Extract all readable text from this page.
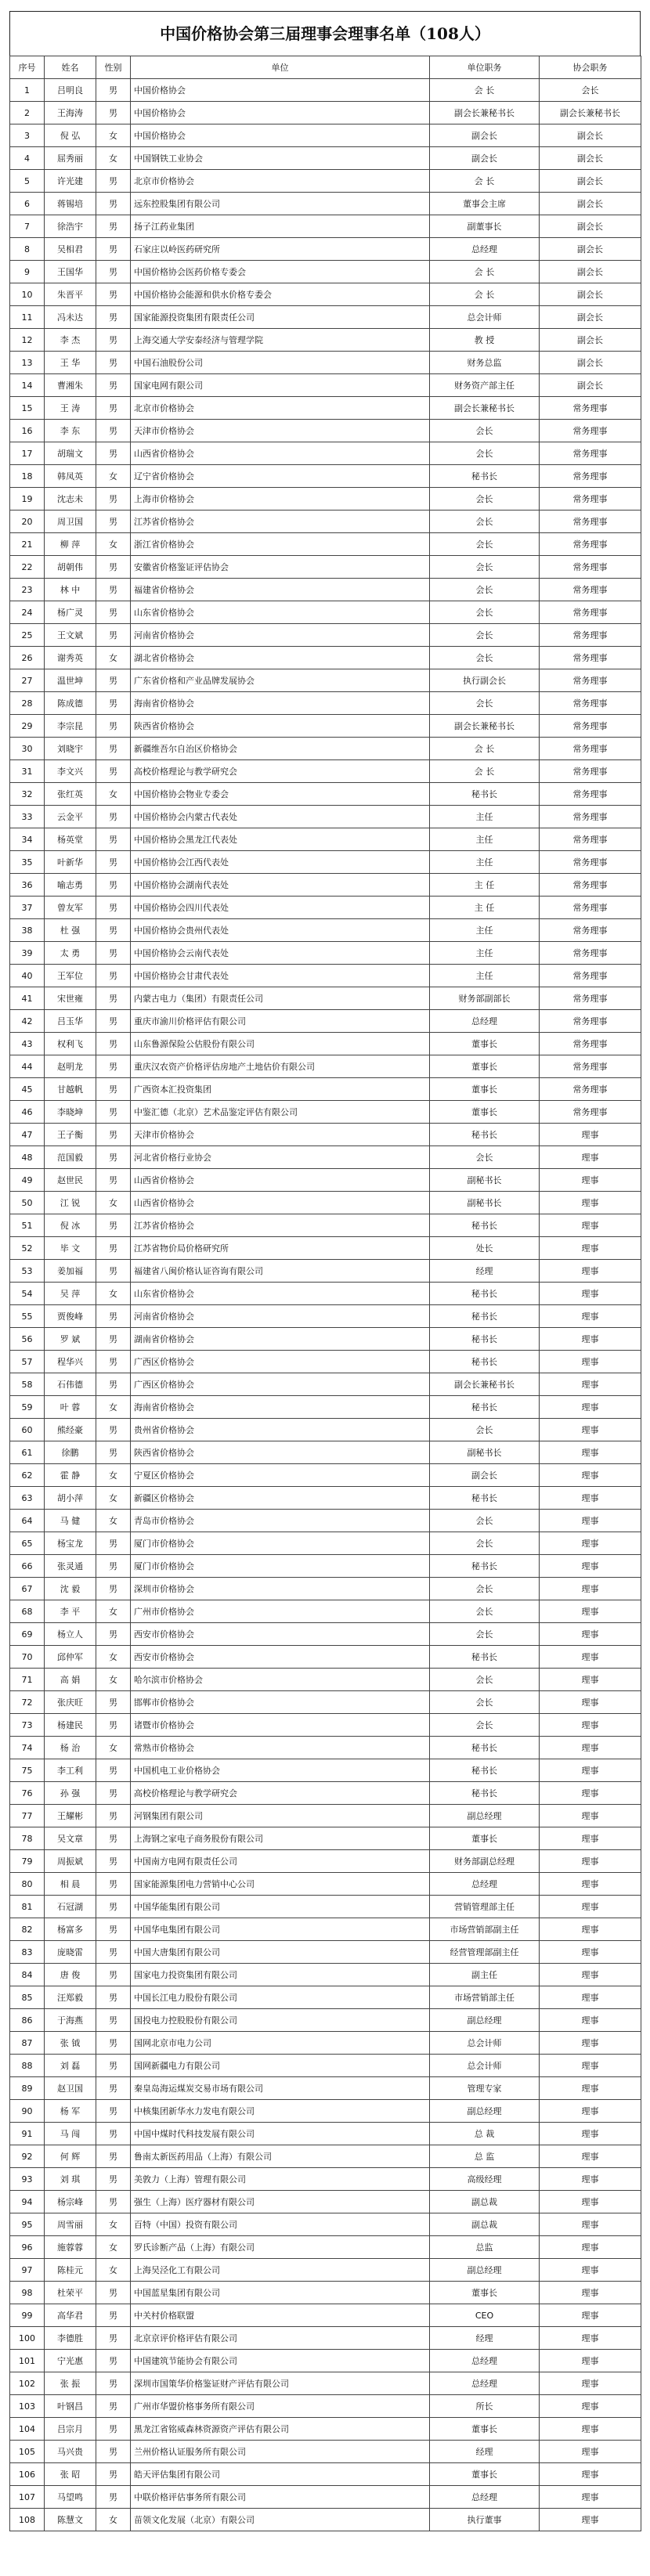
中国价格协会第三届理事会理事名单（108人）
序号	姓名	性别	单位	单位职务	协会职务
1	吕明良	男	中国价格协会	会 长	会长
2	王海涛	男	中国价格协会	副会长兼秘书长	副会长兼秘书长
3	倪 弘	女	中国价格协会	副会长	副会长
4	屈秀丽	女	中国钢铁工业协会	副会长	副会长
5	许光建	男	北京市价格协会	会 长	副会长
6	蒋锡培	男	远东控股集团有限公司	董事会主席	副会长
7	徐浩宇	男	扬子江药业集团	副董事长	副会长
8	吴相君	男	石家庄以岭医药研究所	总经理	副会长
9	王国华	男	中国价格协会医药价格专委会	会 长	副会长
10	朱晋平	男	中国价格协会能源和供水价格专委会	会 长	副会长
11	冯未达	男	国家能源投资集团有限责任公司	总会计师	副会长
12	李 杰	男	上海交通大学安泰经济与管理学院	教 授	副会长
13	王 华	男	中国石油股份公司	财务总监	副会长
14	曹湘朱	男	国家电网有限公司	财务资产部主任	副会长
15	王 涛	男	北京市价格协会	副会长兼秘书长	常务理事
16	李 东	男	天津市价格协会	会长	常务理事
17	胡瑞文	男	山西省价格协会	会长	常务理事
18	韩凤英	女	辽宁省价格协会	秘书长	常务理事
19	沈志未	男	上海市价格协会	会长	常务理事
20	周卫国	男	江苏省价格协会	会长	常务理事
21	柳 萍	女	浙江省价格协会	会长	常务理事
22	胡朝伟	男	安徽省价格鉴证评估协会	会长	常务理事
23	林 中	男	福建省价格协会	会长	常务理事
24	杨广灵	男	山东省价格协会	会长	常务理事
25	王文斌	男	河南省价格协会	会长	常务理事
26	谢秀英	女	湖北省价格协会	会长	常务理事
27	温世坤	男	广东省价格和产业品牌发展协会	执行副会长	常务理事
28	陈成德	男	海南省价格协会	会长	常务理事
29	李宗昆	男	陕西省价格协会	副会长兼秘书长	常务理事
30	刘晓宇	男	新疆维吾尔自治区价格协会	会 长	常务理事
31	李文兴	男	高校价格理论与教学研究会	会 长	常务理事
32	张红英	女	中国价格协会物业专委会	秘书长	常务理事
33	云金平	男	中国价格协会内蒙古代表处	主任	常务理事
34	杨英堂	男	中国价格协会黑龙江代表处	主任	常务理事
35	叶新华	男	中国价格协会江西代表处	主任	常务理事
36	喻志勇	男	中国价格协会湖南代表处	主 任	常务理事
37	曾友军	男	中国价格协会四川代表处	主 任	常务理事
38	杜 强	男	中国价格协会贵州代表处	主任	常务理事
39	太 勇	男	中国价格协会云南代表处	主任	常务理事
40	王军位	男	中国价格协会甘肃代表处	主任	常务理事
41	宋世雍	男	内蒙古电力（集团）有限责任公司	财务部副部长	常务理事
42	吕玉华	男	重庆市渝川价格评估有限公司	总经理	常务理事
43	权利飞	男	山东鲁源保险公估股份有限公司	董事长	常务理事
44	赵明龙	男	重庆汉农资产价格评估房地产土地估价有限公司	董事长	常务理事
45	甘越帆	男	广西资本汇投资集团	董事长	常务理事
46	李晓坤	男	中鉴汇德（北京）艺术品鉴定评估有限公司	董事长	常务理事
47	王子衡	男	天津市价格协会	秘书长	理事
48	范国毅	男	河北省价格行业协会	会长	理事
49	赵世民	男	山西省价格协会	副秘书长	理事
50	江 锐	女	山西省价格协会	副秘书长	理事
51	倪 冰	男	江苏省价格协会	秘书长	理事
52	毕 文	男	江苏省物价局价格研究所	处长	理事
53	姜加福	男	福建省八闽价格认证咨询有限公司	经理	理事
54	吴 萍	女	山东省价格协会	秘书长	理事
55	贾俊峰	男	河南省价格协会	秘书长	理事
56	罗 斌	男	湖南省价格协会	秘书长	理事
57	程华兴	男	广西区价格协会	秘书长	理事
58	石伟德	男	广西区价格协会	副会长兼秘书长	理事
59	叶 蓉	女	海南省价格协会	秘书长	理事
60	熊经豪	男	贵州省价格协会	会长	理事
61	徐鹏	男	陕西省价格协会	副秘书长	理事
62	霍 静	女	宁夏区价格协会	副会长	理事
63	胡小萍	女	新疆区价格协会	秘书长	理事
64	马 健	女	青岛市价格协会	会长	理事
65	杨宝龙	男	厦门市价格协会	会长	理事
66	张灵通	男	厦门市价格协会	秘书长	理事
67	沈 毅	男	深圳市价格协会	会长	理事
68	李 平	女	广州市价格协会	会长	理事
69	杨立人	男	西安市价格协会	会长	理事
70	邱仲军	女	西安市价格协会	秘书长	理事
71	高 娟	女	哈尔滨市价格协会	会长	理事
72	张庆旺	男	邯郸市价格协会	会长	理事
73	杨建民	男	诸暨市价格协会	会长	理事
74	杨 治	女	常熟市价格协会	秘书长	理事
75	李工利	男	中国机电工业价格协会	秘书长	理事
76	孙 强	男	高校价格理论与教学研究会	秘书长	理事
77	王耀彬	男	河钢集团有限公司	副总经理	理事
78	吴文章	男	上海钢之家电子商务股份有限公司	董事长	理事
79	周振斌	男	中国南方电网有限责任公司	财务部副总经理	理事
80	相 晨	男	国家能源集团电力营销中心公司	总经理	理事
81	石冠湖	男	中国华能集团有限公司	营销管理部主任	理事
82	杨富多	男	中国华电集团有限公司	市场营销部副主任	理事
83	庞晓雷	男	中国大唐集团有限公司	经营管理部副主任	理事
84	唐 俊	男	国家电力投资集团有限公司	副主任	理事
85	汪郑毅	男	中国长江电力股份有限公司	市场营销部主任	理事
86	于海燕	男	国投电力控股股份有限公司	副总经理	理事
87	张 钺	男	国网北京市电力公司	总会计师	理事
88	刘 磊	男	国网新疆电力有限公司	总会计师	理事
89	赵卫国	男	秦皇岛海运煤炭交易市场有限公司	管理专家	理事
90	杨 军	男	中核集团新华水力发电有限公司	副总经理	理事
91	马 闯	男	中国中煤时代科技发展有限公司	总 裁	理事
92	何 辉	男	鲁南太新医药用品（上海）有限公司	总 监	理事
93	刘 琪	男	美敦力（上海）管理有限公司	高级经理	理事
94	杨宗峰	男	强生（上海）医疗器材有限公司	副总裁	理事
95	周雪丽	女	百特（中国）投资有限公司	副总裁	理事
96	施蓉蓉	女	罗氏诊断产品（上海）有限公司	总监	理事
97	陈桂元	女	上海吴泾化工有限公司	副总经理	理事
98	杜荣平	男	中国蓝星集团有限公司	董事长	理事
99	高华君	男	中关村价格联盟	CEO	理事
100	李德胜	男	北京京评价格评估有限公司	经理	理事
101	宁光惠	男	中国建筑节能协会有限公司	总经理	理事
102	张 振	男	深圳市国策华价格鉴证财产评估有限公司	总经理	理事
103	叶钢昌	男	广州市华盟价格事务所有限公司	所长	理事
104	吕宗月	男	黑龙江省铭威森林资源资产评估有限公司	董事长	理事
105	马兴贵	男	兰州价格认证服务所有限公司	经理	理事
106	张 昭	男	皓天评估集团有限公司	董事长	理事
107	马望鸣	男	中联价格评估事务所有限公司	总经理	理事
108	陈慧文	女	苗领文化发展（北京）有限公司	执行董事	理事
